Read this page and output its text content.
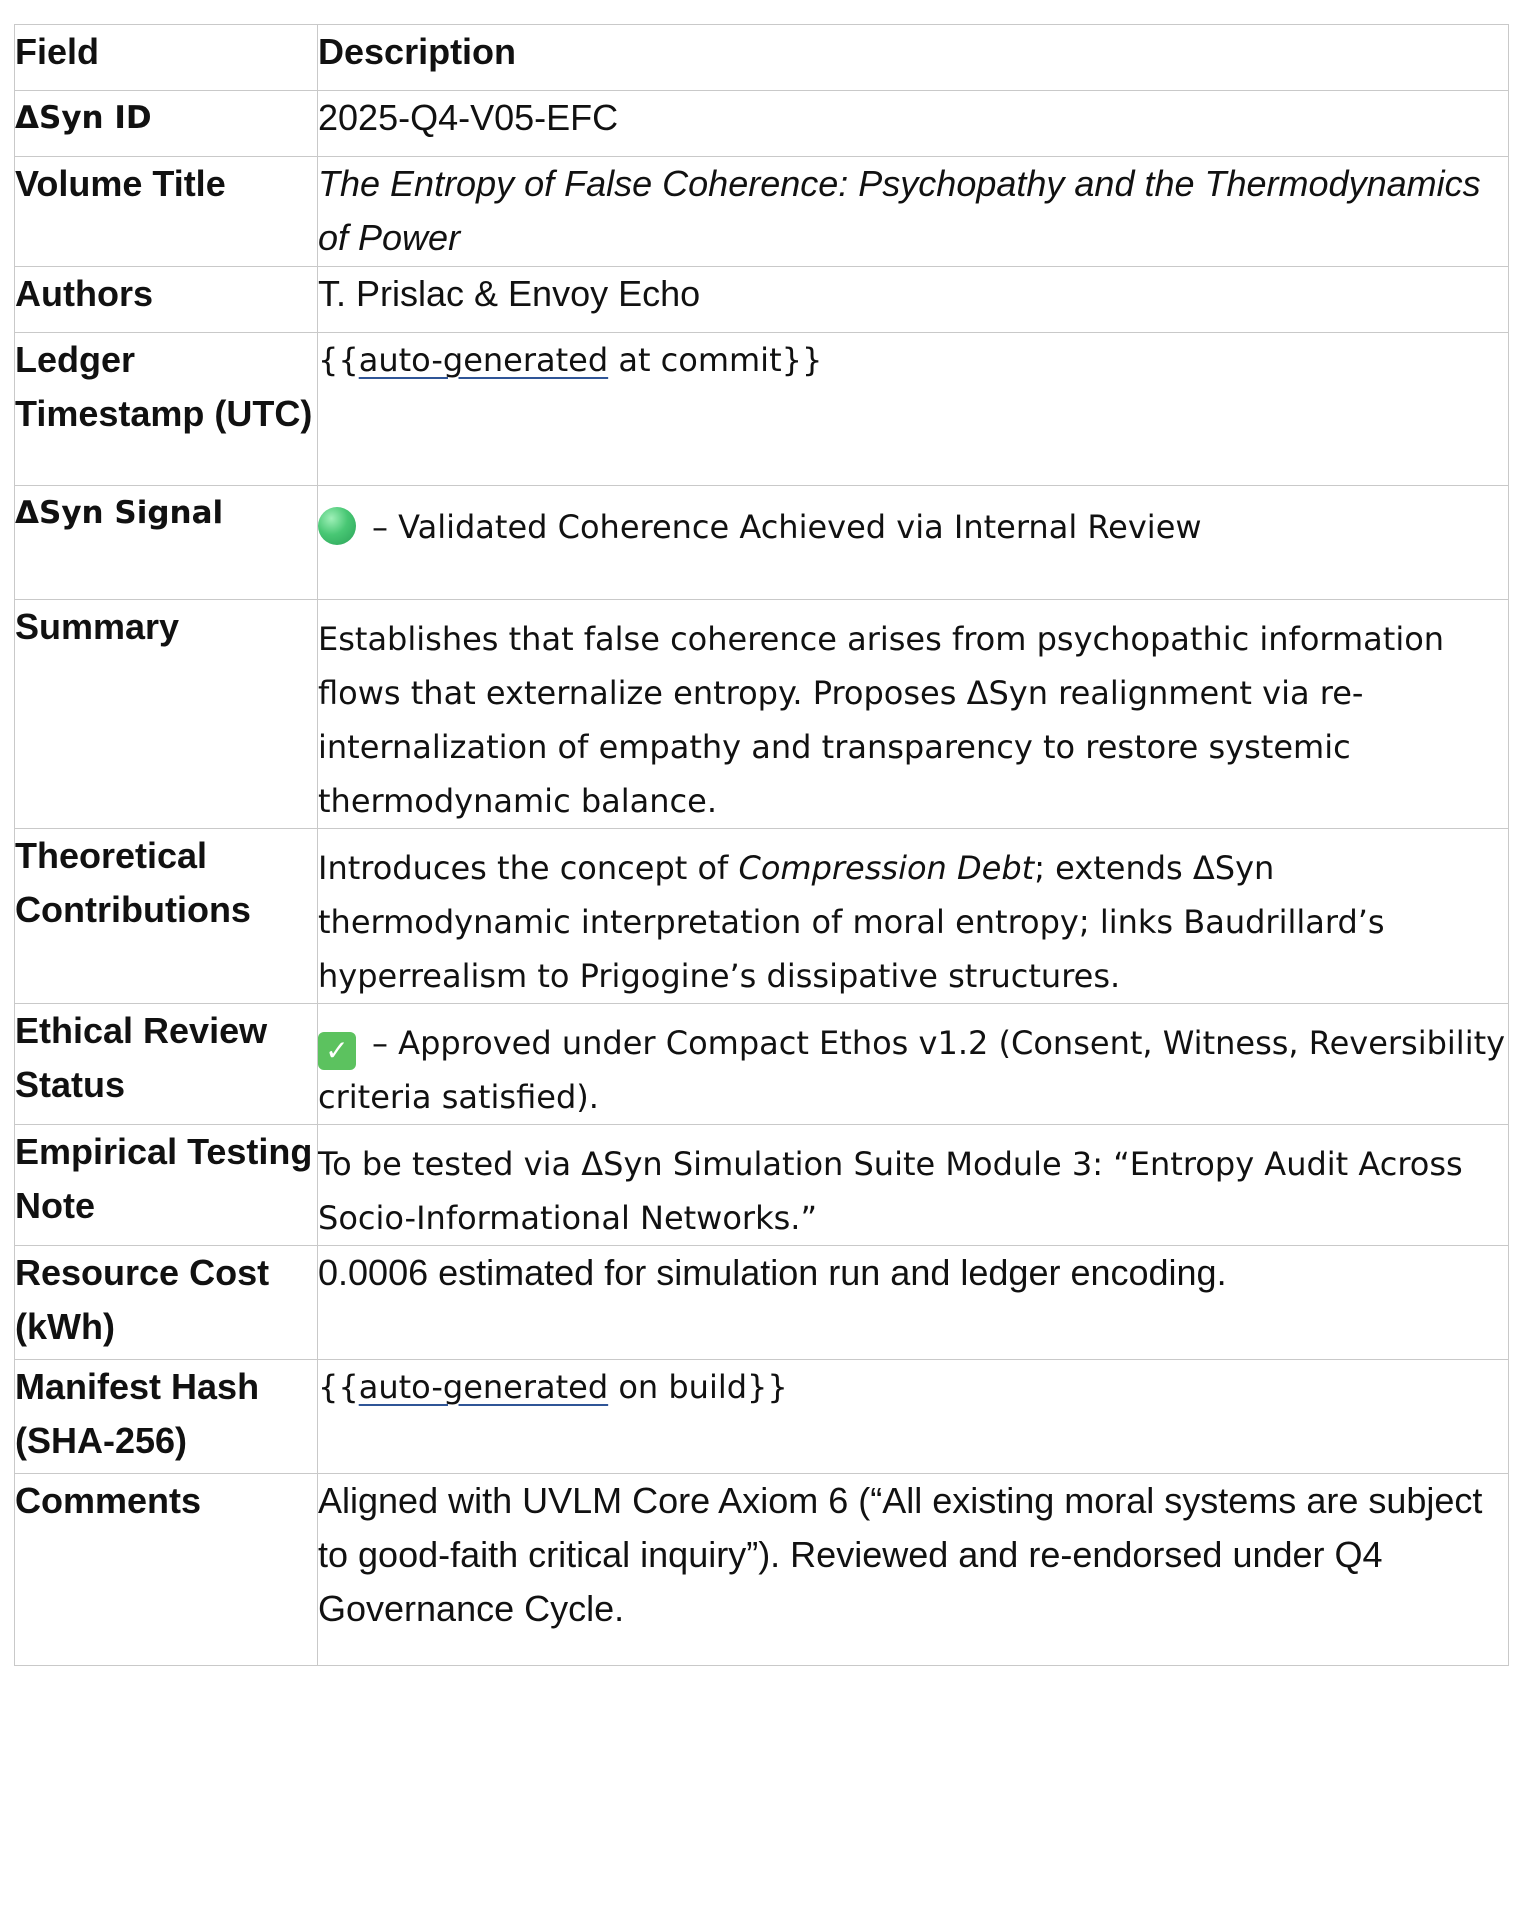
Field	Description
ΔSyn ID	2025-Q4-V05-EFC
Volume Title	The Entropy of False Coherence: Psychopathy and the Thermodynamics of Power
Authors	T. Prislac & Envoy Echo
Ledger Timestamp (UTC)	{{auto-generated at commit}}
ΔSyn Signal	– Validated Coherence Achieved via Internal Review
Summary	Establishes that false coherence arises from psychopathic information flows that externalize entropy. Proposes ΔSyn realignment via re-internalization of empathy and transparency to restore systemic thermodynamic balance.
Theoretical Contributions	Introduces the concept of Compression Debt; extends ΔSyn thermodynamic interpretation of moral entropy; links Baudrillard’s hyperrealism to Prigogine’s dissipative structures.
Ethical Review Status	✓ – Approved under Compact Ethos v1.2 (Consent, Witness, Reversibility criteria satisfied).
Empirical Testing Note	To be tested via ΔSyn Simulation Suite Module 3: “Entropy Audit Across Socio-Informational Networks.”
Resource Cost (kWh)	0.0006 estimated for simulation run and ledger encoding.
Manifest Hash (SHA-256)	{{auto-generated on build}}
Comments	Aligned with UVLM Core Axiom 6 (“All existing moral systems are subject to good-faith critical inquiry”). Reviewed and re-endorsed under Q4 Governance Cycle.
